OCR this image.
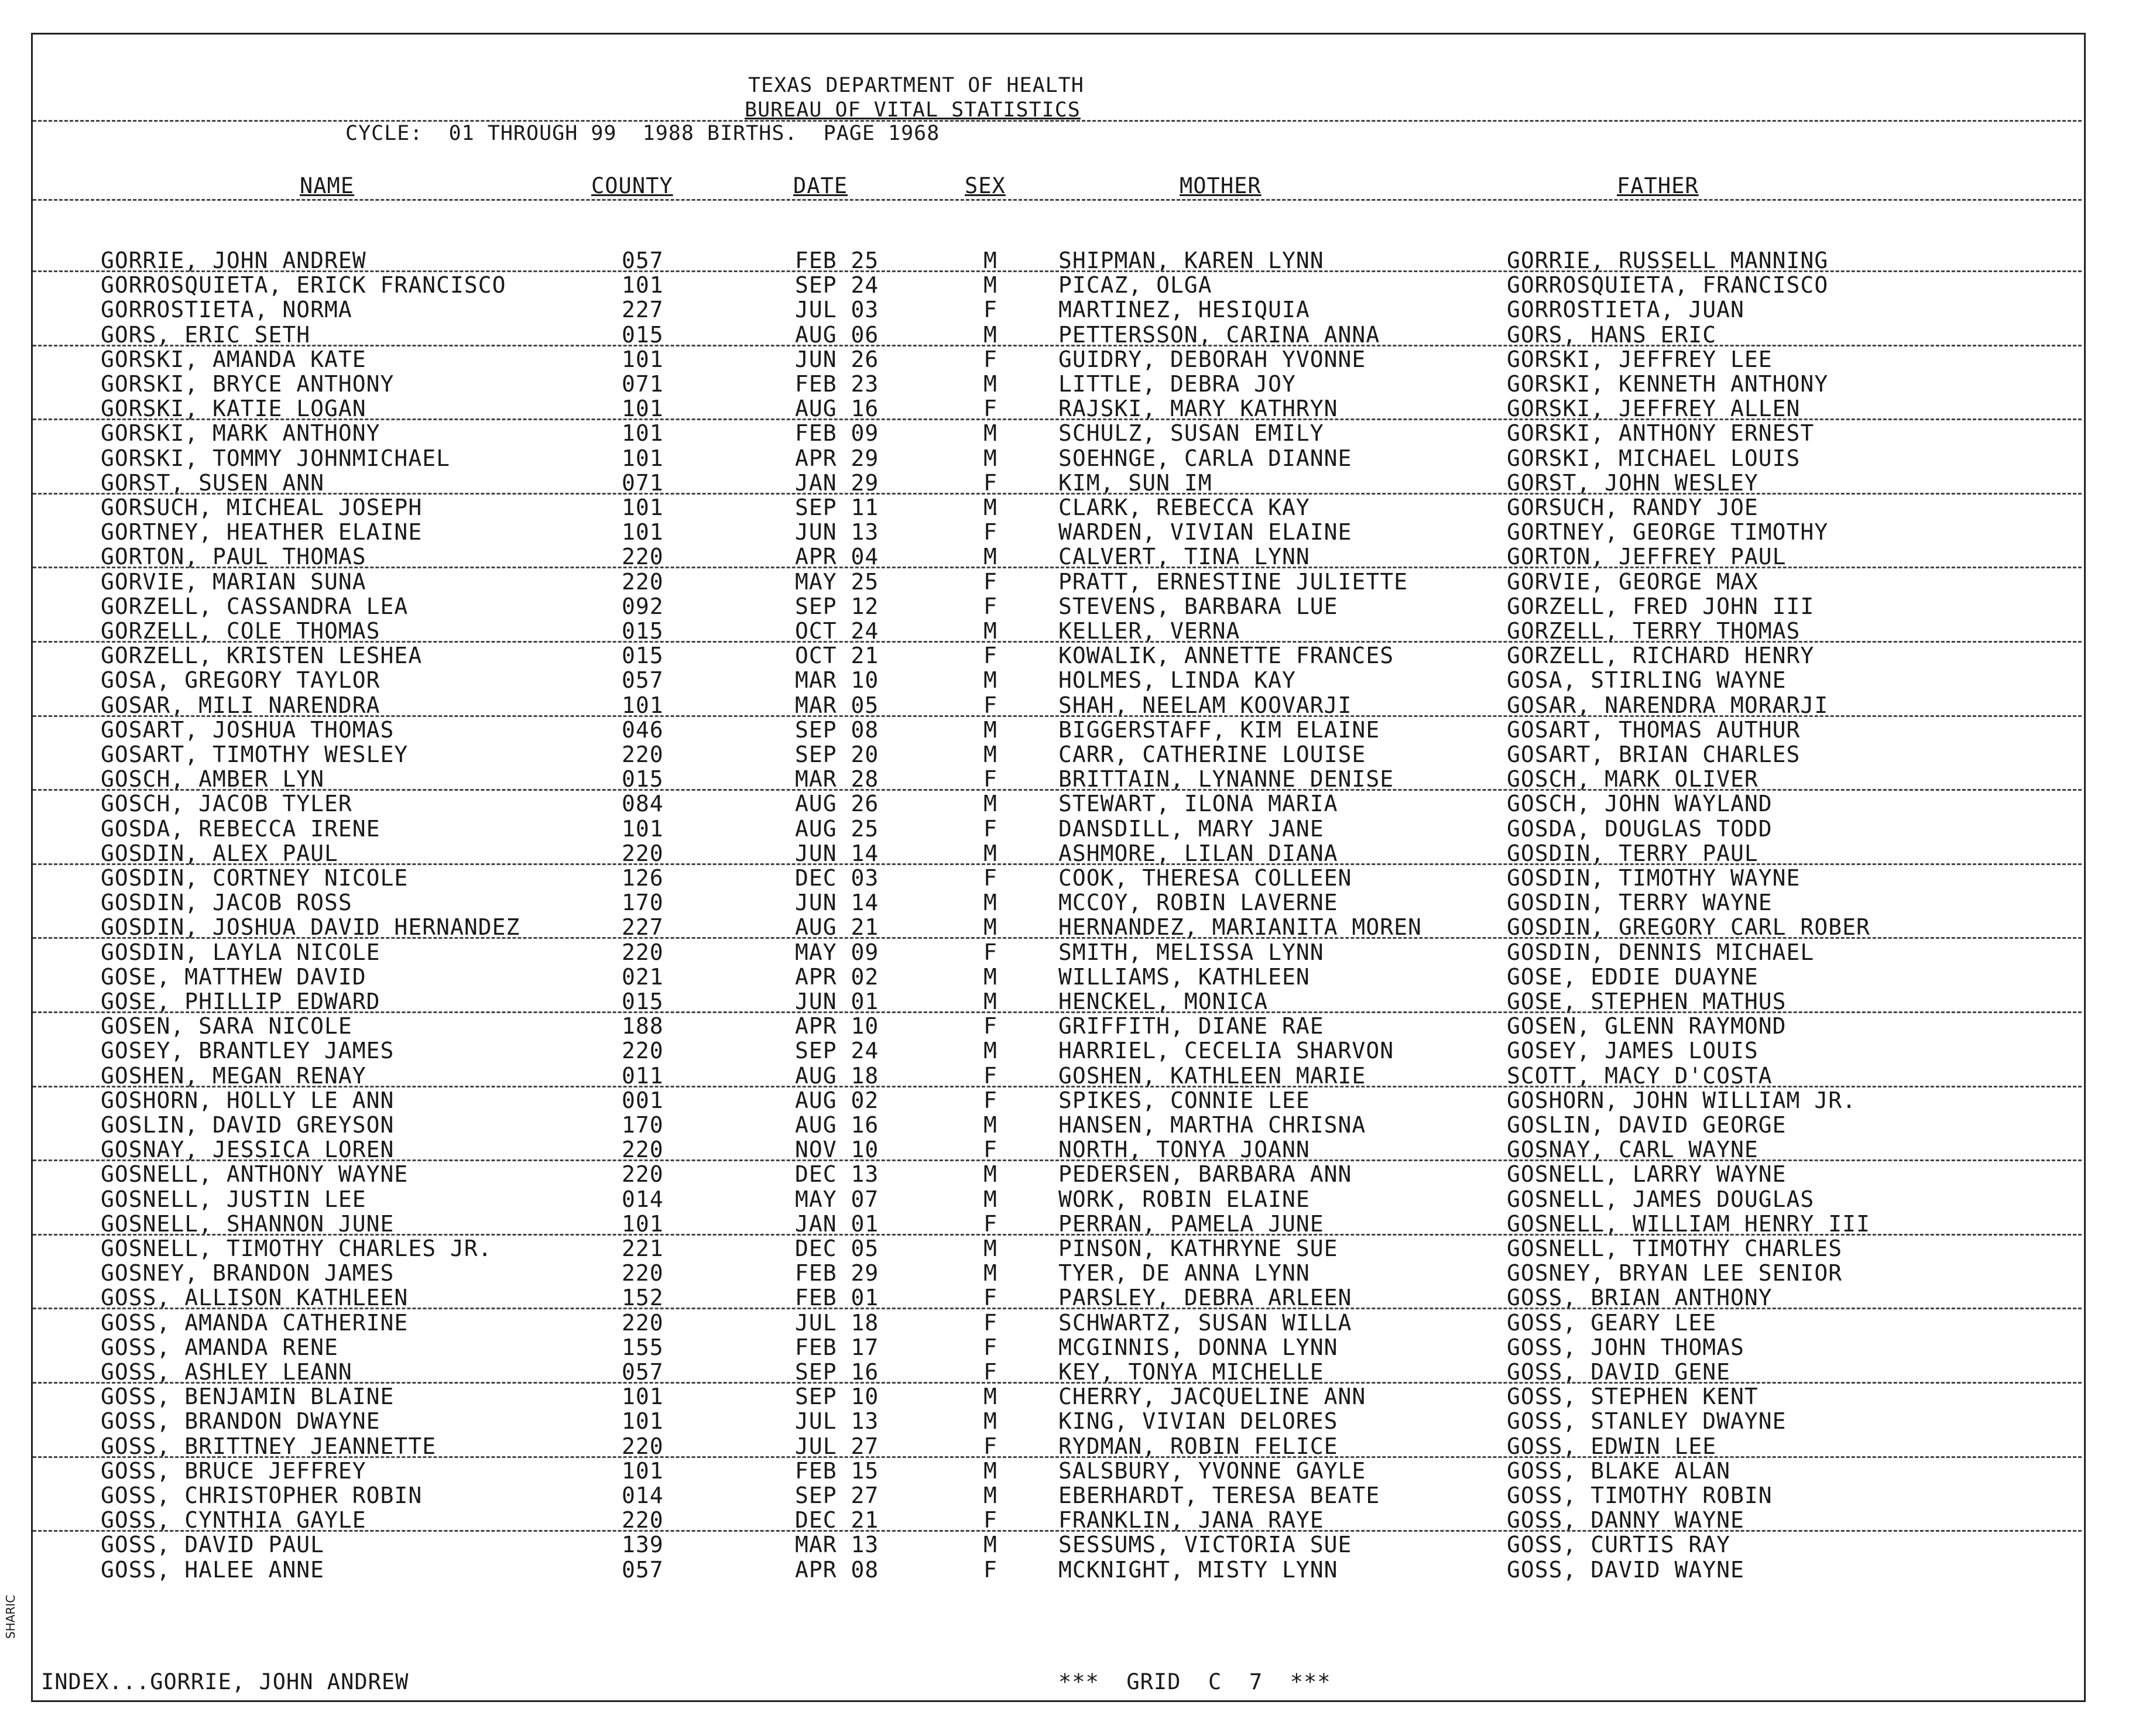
TEXAS DEPARTMENT OF HEALTH
BUREAU OF VITAL STATISTICS
CYCLE:  01 THROUGH 99  1988 BIRTHS.  PAGE 1968
NAME	COUNTY	DATE	SEX	MOTHER	FATHER
GORRIE, JOHN ANDREW	057	FEB 25	M	SHIPMAN, KAREN LYNN	GORRIE, RUSSELL MANNING
GORROSQUIETA, ERICK FRANCISCO	101	SEP 24	M	PICAZ, OLGA	GORROSQUIETA, FRANCISCO
GORROSTIETA, NORMA	227	JUL 03	F	MARTINEZ, HESIQUIA	GORROSTIETA, JUAN
GORS, ERIC SETH	015	AUG 06	M	PETTERSSON, CARINA ANNA	GORS, HANS ERIC
GORSKI, AMANDA KATE	101	JUN 26	F	GUIDRY, DEBORAH YVONNE	GORSKI, JEFFREY LEE
GORSKI, BRYCE ANTHONY	071	FEB 23	M	LITTLE, DEBRA JOY	GORSKI, KENNETH ANTHONY
GORSKI, KATIE LOGAN	101	AUG 16	F	RAJSKI, MARY KATHRYN	GORSKI, JEFFREY ALLEN
GORSKI, MARK ANTHONY	101	FEB 09	M	SCHULZ, SUSAN EMILY	GORSKI, ANTHONY ERNEST
GORSKI, TOMMY JOHNMICHAEL	101	APR 29	M	SOEHNGE, CARLA DIANNE	GORSKI, MICHAEL LOUIS
GORST, SUSEN ANN	071	JAN 29	F	KIM, SUN IM	GORST, JOHN WESLEY
GORSUCH, MICHEAL JOSEPH	101	SEP 11	M	CLARK, REBECCA KAY	GORSUCH, RANDY JOE
GORTNEY, HEATHER ELAINE	101	JUN 13	F	WARDEN, VIVIAN ELAINE	GORTNEY, GEORGE TIMOTHY
GORTON, PAUL THOMAS	220	APR 04	M	CALVERT, TINA LYNN	GORTON, JEFFREY PAUL
GORVIE, MARIAN SUNA	220	MAY 25	F	PRATT, ERNESTINE JULIETTE	GORVIE, GEORGE MAX
GORZELL, CASSANDRA LEA	092	SEP 12	F	STEVENS, BARBARA LUE	GORZELL, FRED JOHN III
GORZELL, COLE THOMAS	015	OCT 24	M	KELLER, VERNA	GORZELL, TERRY THOMAS
GORZELL, KRISTEN LESHEA	015	OCT 21	F	KOWALIK, ANNETTE FRANCES	GORZELL, RICHARD HENRY
GOSA, GREGORY TAYLOR	057	MAR 10	M	HOLMES, LINDA KAY	GOSA, STIRLING WAYNE
GOSAR, MILI NARENDRA	101	MAR 05	F	SHAH, NEELAM KOOVARJI	GOSAR, NARENDRA MORARJI
GOSART, JOSHUA THOMAS	046	SEP 08	M	BIGGERSTAFF, KIM ELAINE	GOSART, THOMAS AUTHUR
GOSART, TIMOTHY WESLEY	220	SEP 20	M	CARR, CATHERINE LOUISE	GOSART, BRIAN CHARLES
GOSCH, AMBER LYN	015	MAR 28	F	BRITTAIN, LYNANNE DENISE	GOSCH, MARK OLIVER
GOSCH, JACOB TYLER	084	AUG 26	M	STEWART, ILONA MARIA	GOSCH, JOHN WAYLAND
GOSDA, REBECCA IRENE	101	AUG 25	F	DANSDILL, MARY JANE	GOSDA, DOUGLAS TODD
GOSDIN, ALEX PAUL	220	JUN 14	M	ASHMORE, LILAN DIANA	GOSDIN, TERRY PAUL
GOSDIN, CORTNEY NICOLE	126	DEC 03	F	COOK, THERESA COLLEEN	GOSDIN, TIMOTHY WAYNE
GOSDIN, JACOB ROSS	170	JUN 14	M	MCCOY, ROBIN LAVERNE	GOSDIN, TERRY WAYNE
GOSDIN, JOSHUA DAVID HERNANDEZ	227	AUG 21	M	HERNANDEZ, MARIANITA MOREN	GOSDIN, GREGORY CARL ROBER
GOSDIN, LAYLA NICOLE	220	MAY 09	F	SMITH, MELISSA LYNN	GOSDIN, DENNIS MICHAEL
GOSE, MATTHEW DAVID	021	APR 02	M	WILLIAMS, KATHLEEN	GOSE, EDDIE DUAYNE
GOSE, PHILLIP EDWARD	015	JUN 01	M	HENCKEL, MONICA	GOSE, STEPHEN MATHUS
GOSEN, SARA NICOLE	188	APR 10	F	GRIFFITH, DIANE RAE	GOSEN, GLENN RAYMOND
GOSEY, BRANTLEY JAMES	220	SEP 24	M	HARRIEL, CECELIA SHARVON	GOSEY, JAMES LOUIS
GOSHEN, MEGAN RENAY	011	AUG 18	F	GOSHEN, KATHLEEN MARIE	SCOTT, MACY D'COSTA
GOSHORN, HOLLY LE ANN	001	AUG 02	F	SPIKES, CONNIE LEE	GOSHORN, JOHN WILLIAM JR.
GOSLIN, DAVID GREYSON	170	AUG 16	M	HANSEN, MARTHA CHRISNA	GOSLIN, DAVID GEORGE
GOSNAY, JESSICA LOREN	220	NOV 10	F	NORTH, TONYA JOANN	GOSNAY, CARL WAYNE
GOSNELL, ANTHONY WAYNE	220	DEC 13	M	PEDERSEN, BARBARA ANN	GOSNELL, LARRY WAYNE
GOSNELL, JUSTIN LEE	014	MAY 07	M	WORK, ROBIN ELAINE	GOSNELL, JAMES DOUGLAS
GOSNELL, SHANNON JUNE	101	JAN 01	F	PERRAN, PAMELA JUNE	GOSNELL, WILLIAM HENRY III
GOSNELL, TIMOTHY CHARLES JR.	221	DEC 05	M	PINSON, KATHRYNE SUE	GOSNELL, TIMOTHY CHARLES
GOSNEY, BRANDON JAMES	220	FEB 29	M	TYER, DE ANNA LYNN	GOSNEY, BRYAN LEE SENIOR
GOSS, ALLISON KATHLEEN	152	FEB 01	F	PARSLEY, DEBRA ARLEEN	GOSS, BRIAN ANTHONY
GOSS, AMANDA CATHERINE	220	JUL 18	F	SCHWARTZ, SUSAN WILLA	GOSS, GEARY LEE
GOSS, AMANDA RENE	155	FEB 17	F	MCGINNIS, DONNA LYNN	GOSS, JOHN THOMAS
GOSS, ASHLEY LEANN	057	SEP 16	F	KEY, TONYA MICHELLE	GOSS, DAVID GENE
GOSS, BENJAMIN BLAINE	101	SEP 10	M	CHERRY, JACQUELINE ANN	GOSS, STEPHEN KENT
GOSS, BRANDON DWAYNE	101	JUL 13	M	KING, VIVIAN DELORES	GOSS, STANLEY DWAYNE
GOSS, BRITTNEY JEANNETTE	220	JUL 27	F	RYDMAN, ROBIN FELICE	GOSS, EDWIN LEE
GOSS, BRUCE JEFFREY	101	FEB 15	M	SALSBURY, YVONNE GAYLE	GOSS, BLAKE ALAN
GOSS, CHRISTOPHER ROBIN	014	SEP 27	M	EBERHARDT, TERESA BEATE	GOSS, TIMOTHY ROBIN
GOSS, CYNTHIA GAYLE	220	DEC 21	F	FRANKLIN, JANA RAYE	GOSS, DANNY WAYNE
GOSS, DAVID PAUL	139	MAR 13	M	SESSUMS, VICTORIA SUE	GOSS, CURTIS RAY
GOSS, HALEE ANNE	057	APR 08	F	MCKNIGHT, MISTY LYNN	GOSS, DAVID WAYNE
INDEX...GORRIE, JOHN ANDREW	***  GRID  C  7  ***
SHARIC
